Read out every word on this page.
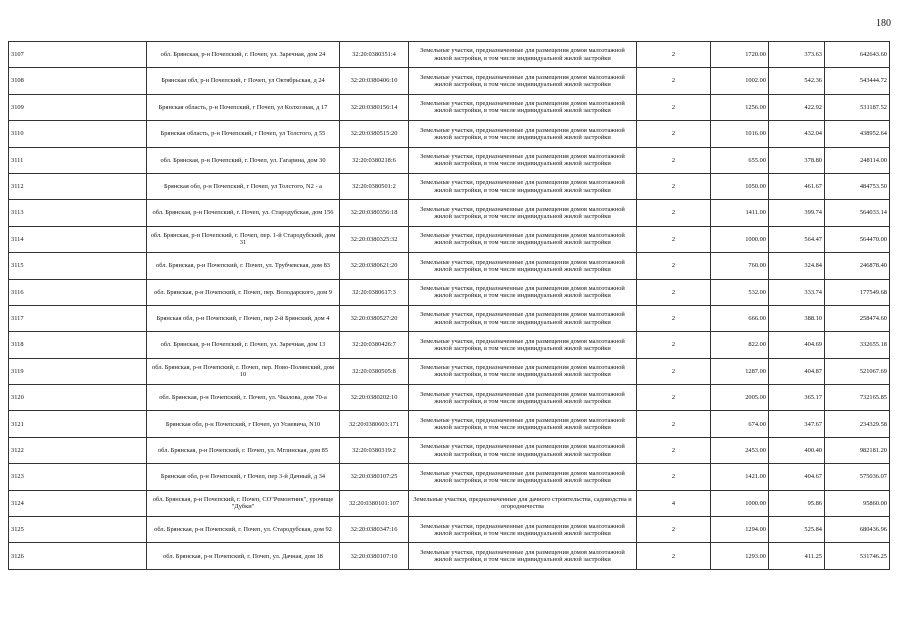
180
3107	обл. Брянская, р-н Почепский, г. Почеп, ул. Заречная, дом 24	32:20:0380351:4	Земельные участки, предназначенные для размещения домов малоэтажной жилой застройки, в том числе индивидуальной жилой застройки	2	1720.00	373.63	642643.60
3108	Брянская обл, р-н Почепский, г Почеп, ул Октябрьская, д 24	32:20:0380406:10	Земельные участки, предназначенные для размещения домов малоэтажной жилой застройки, в том числе индивидуальной жилой застройки	2	1002.00	542.36	543444.72
3109	Брянская область, р-н Почепский, г Почеп, ул Колхозная, д 17	32:20:0380156:14	Земельные участки, предназначенные для размещения домов малоэтажной жилой застройки, в том числе индивидуальной жилой застройки	2	1256.00	422.92	531187.52
3110	Брянская область, р-н Почепский, г Почеп, ул Толстого, д 55	32:20:0380515:20	Земельные участки, предназначенные для размещения домов малоэтажной жилой застройки, в том числе индивидуальной жилой застройки	2	1016.00	432.04	438952.64
3111	обл. Брянская, р-н Почепский, г. Почеп, ул. Гагарина, дом 30	32:20:0380218:6	Земельные участки, предназначенные для размещения домов малоэтажной жилой застройки, в том числе индивидуальной жилой застройки	2	655.00	378.80	248114.00
3112	Брянская обл, р-н Почепский, г Почеп, ул Толстого, N2 - а	32:20:0380501:2	Земельные участки, предназначенные для размещения домов малоэтажной жилой застройки, в том числе индивидуальной жилой застройки	2	1050.00	461.67	484753.50
3113	обл. Брянская, р-н Почепский, г. Почеп, ул. Стародубская, дом 156	32:20:0380356:18	Земельные участки, предназначенные для размещения домов малоэтажной жилой застройки, в том числе индивидуальной жилой застройки	2	1411.00	399.74	564033.14
3114	обл. Брянская, р-н Почепский, г. Почеп, пер. 1-й Стародубский, дом 31	32:20:0380325:32	Земельные участки, предназначенные для размещения домов малоэтажной жилой застройки, в том числе индивидуальной жилой застройки	2	1000.00	564.47	564470.00
3115	обл. Брянская, р-н Почепский, г. Почеп, ул. Трубчевская, дом 83	32:20:0380621:20	Земельные участки, предназначенные для размещения домов малоэтажной жилой застройки, в том числе индивидуальной жилой застройки	2	760.00	324.84	246878.40
3116	обл. Брянская, р-н Почепский, г. Почеп, пер. Володарского, дом 9	32:20:0380617:3	Земельные участки, предназначенные для размещения домов малоэтажной жилой застройки, в том числе индивидуальной жилой застройки	2	532.00	333.74	177549.68
3117	Брянская обл, р-н Почепский, г Почеп, пер 2-й Брянский, дом 4	32:20:0380527:20	Земельные участки, предназначенные для размещения домов малоэтажной жилой застройки, в том числе индивидуальной жилой застройки	2	666.00	388.10	258474.60
3118	обл. Брянская, р-н Почепский, г. Почеп, ул. Заречная, дом 13	32:20:0380426:7	Земельные участки, предназначенные для размещения домов малоэтажной жилой застройки, в том числе индивидуальной жилой застройки	2	822.00	404.69	332655.18
3119	обл. Брянская, р-н Почепский, г. Почеп, пер. Ново-Полянский, дом 10	32:20:0380505:8	Земельные участки, предназначенные для размещения домов малоэтажной жилой застройки, в том числе индивидуальной жилой застройки	2	1287.00	404.87	521067.69
3120	обл. Брянская, р-н Почепский, г. Почеп, ул. Чкалова, дом 70-а	32:20:0380202:10	Земельные участки, предназначенные для размещения домов малоэтажной жилой застройки, в том числе индивидуальной жилой застройки	2	2005.00	365.17	732165.85
3121	Брянская обл, р-н Почепский, г Почеп, ул Усиевича, N10	32:20:0380603:171	Земельные участки, предназначенные для размещения домов малоэтажной жилой застройки, в том числе индивидуальной жилой застройки	2	674.00	347.67	234329.58
3122	обл. Брянская, р-н Почепский, г. Почеп, ул. Мглинская, дом 85	32:20:0380319:2	Земельные участки, предназначенные для размещения домов малоэтажной жилой застройки, в том числе индивидуальной жилой застройки	2	2453.00	400.40	982181.20
3123	Брянская обл, р-н Почепский, г Почеп, пер 3-й Дачный, д 34	32:20:0380107:25	Земельные участки, предназначенные для размещения домов малоэтажной жилой застройки, в том числе индивидуальной жилой застройки	2	1421.00	404.67	575036.07
3124	обл. Брянская, р-н Почепский, г. Почеп, СО"Ремонтник", урочище "Дубки"	32:20:0380101:107	Земельные участки, предназначенные для дачного строительства, садоводства и огородничества	4	1000.00	95.86	95860.00
3125	обл. Брянская, р-н Почепский, г. Почеп, ул. Стародубская, дом 92	32:20:0380347:16	Земельные участки, предназначенные для размещения домов малоэтажной жилой застройки, в том числе индивидуальной жилой застройки	2	1294.00	525.84	680436.96
3126	обл. Брянская, р-н Почепский, г. Почеп, ул. Дачная, дом 18	32:20:0380107:10	Земельные участки, предназначенные для размещения домов малоэтажной жилой застройки, в том числе индивидуальной жилой застройки	2	1293.00	411.25	531746.25
